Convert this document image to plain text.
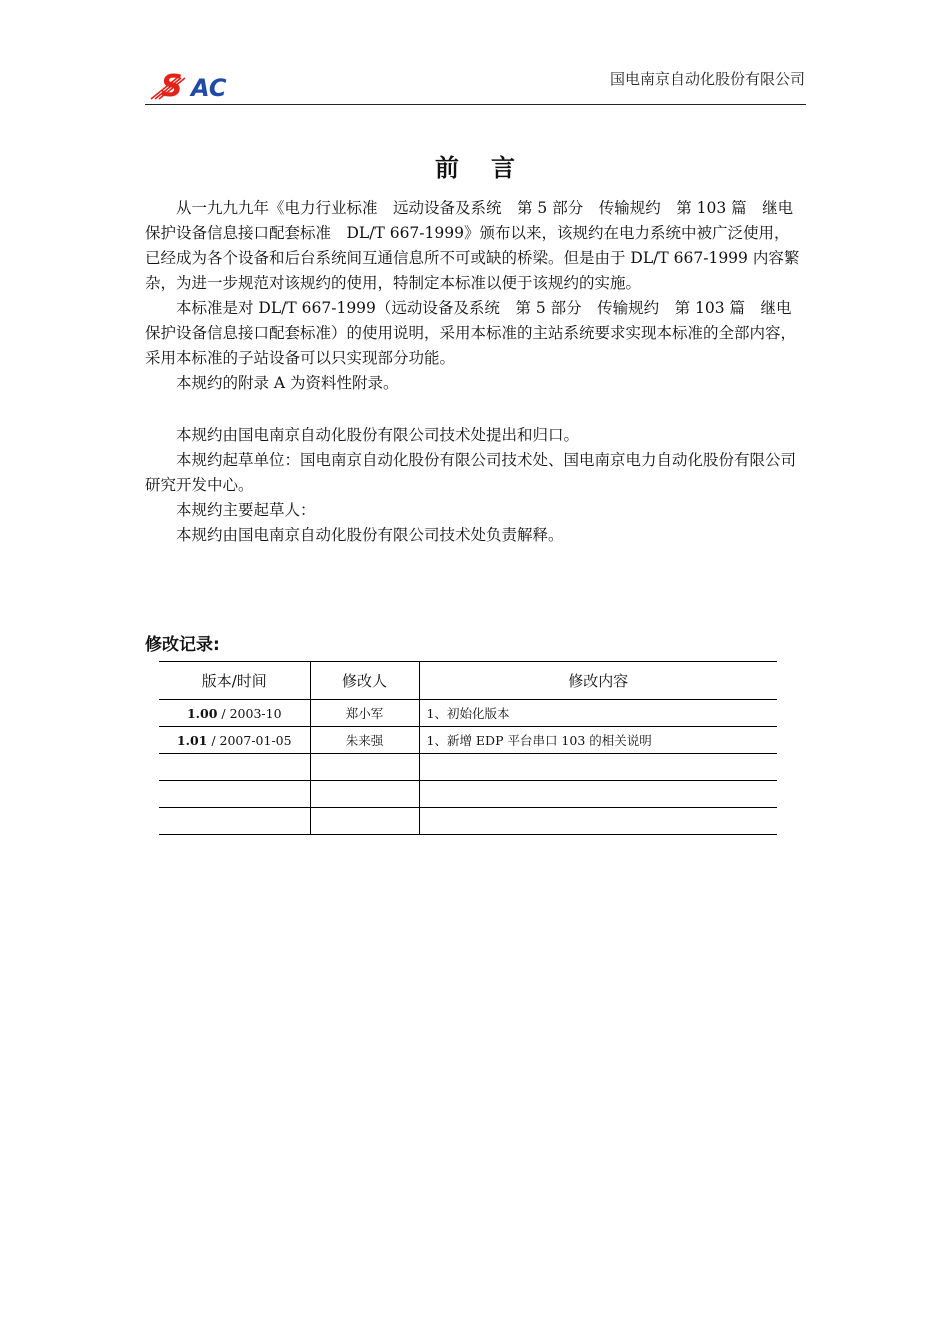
S AC	国电南京自动化股份有限公司
前言

从一九九九年《电力行业标准　远动设备及系统　第 5 部分　传输规约　第 103 篇　继电保护设备信息接口配套标准　DL/T 667-1999》颁布以来，该规约在电力系统中被广泛使用，已经成为各个设备和后台系统间互通信息所不可或缺的桥梁。但是由于 DL/T 667-1999 内容繁杂，为进一步规范对该规约的使用，特制定本标准以便于该规约的实施。

本标准是对 DL/T 667-1999（远动设备及系统　第 5 部分　传输规约　第 103 篇　继电保护设备信息接口配套标准）的使用说明，采用本标准的主站系统要求实现本标准的全部内容，采用本标准的子站设备可以只实现部分功能。

本规约的附录 A 为资料性附录。

本规约由国电南京自动化股份有限公司技术处提出和归口。

本规约起草单位：国电南京自动化股份有限公司技术处、国电南京电力自动化股份有限公司研究开发中心。

本规约主要起草人：

本规约由国电南京自动化股份有限公司技术处负责解释。

修改记录:
版本/时间	修改人	修改内容
1.00 / 2003-10	郑小军	1、初始化版本
1.01 / 2007-01-05	朱来强	1、新增 EDP 平台串口 103 的相关说明
